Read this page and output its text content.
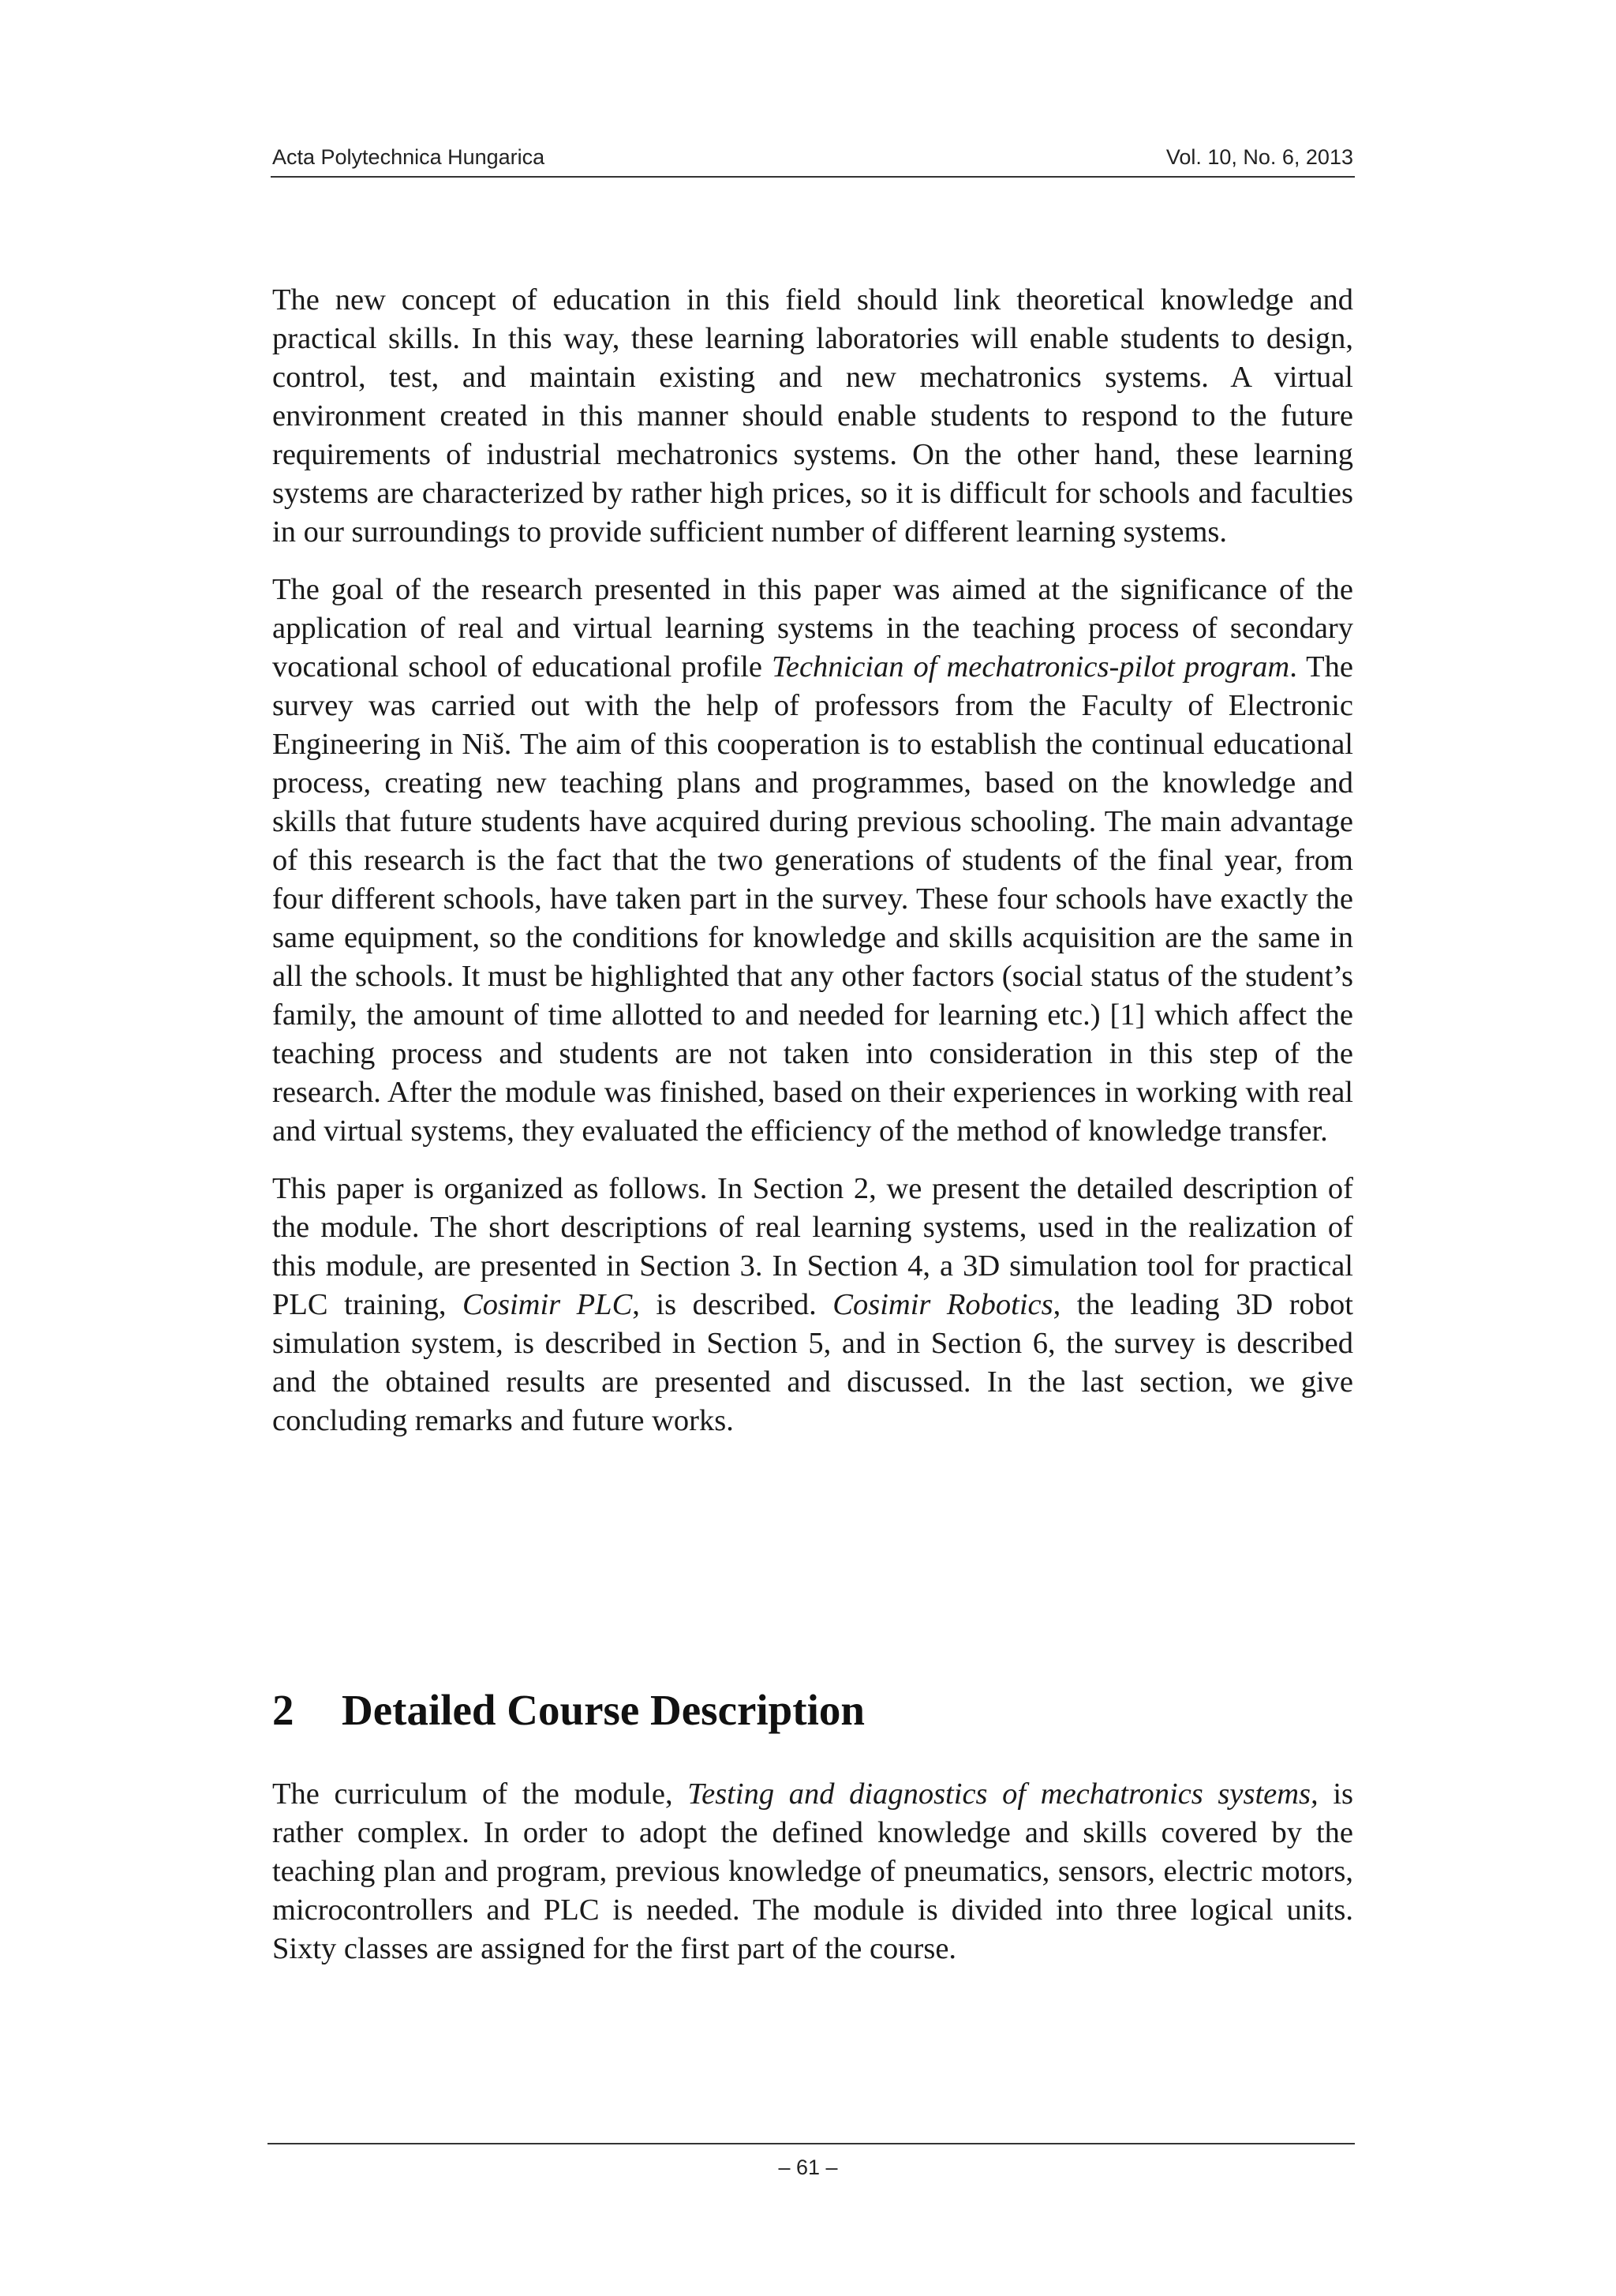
Acta Polytechnica Hungarica	Vol. 10, No. 6, 2013

The new concept of education in this field should link theoretical knowledge and practical skills. In this way, these learning laboratories will enable students to design, control, test, and maintain existing and new mechatronics systems. A virtual environment created in this manner should enable students to respond to the future requirements of industrial mechatronics systems. On the other hand, these learning systems are characterized by rather high prices, so it is difficult for schools and faculties in our surroundings to provide sufficient number of different learning systems.

The goal of the research presented in this paper was aimed at the significance of the application of real and virtual learning systems in the teaching process of secondary vocational school of educational profile Technician of mechatronics-pilot program. The survey was carried out with the help of professors from the Faculty of Electronic Engineering in Niš. The aim of this cooperation is to establish the continual educational process, creating new teaching plans and programmes, based on the knowledge and skills that future students have acquired during previous schooling. The main advantage of this research is the fact that the two generations of students of the final year, from four different schools, have taken part in the survey. These four schools have exactly the same equipment, so the conditions for knowledge and skills acquisition are the same in all the schools. It must be highlighted that any other factors (social status of the student’s family, the amount of time allotted to and needed for learning etc.) [1] which affect the teaching process and students are not taken into consideration in this step of the research. After the module was finished, based on their experiences in working with real and virtual systems, they evaluated the efficiency of the method of knowledge transfer.

This paper is organized as follows. In Section 2, we present the detailed description of the module. The short descriptions of real learning systems, used in the realization of this module, are presented in Section 3. In Section 4, a 3D simulation tool for practical PLC training, Cosimir PLC, is described. Cosimir Robotics, the leading 3D robot simulation system, is described in Section 5, and in Section 6, the survey is described and the obtained results are presented and discussed. In the last section, we give concluding remarks and future works.

2	Detailed Course Description

The curriculum of the module, Testing and diagnostics of mechatronics systems, is rather complex. In order to adopt the defined knowledge and skills covered by the teaching plan and program, previous knowledge of pneumatics, sensors, electric motors, microcontrollers and PLC is needed. The module is divided into three logical units. Sixty classes are assigned for the first part of the course.

– 61 –
